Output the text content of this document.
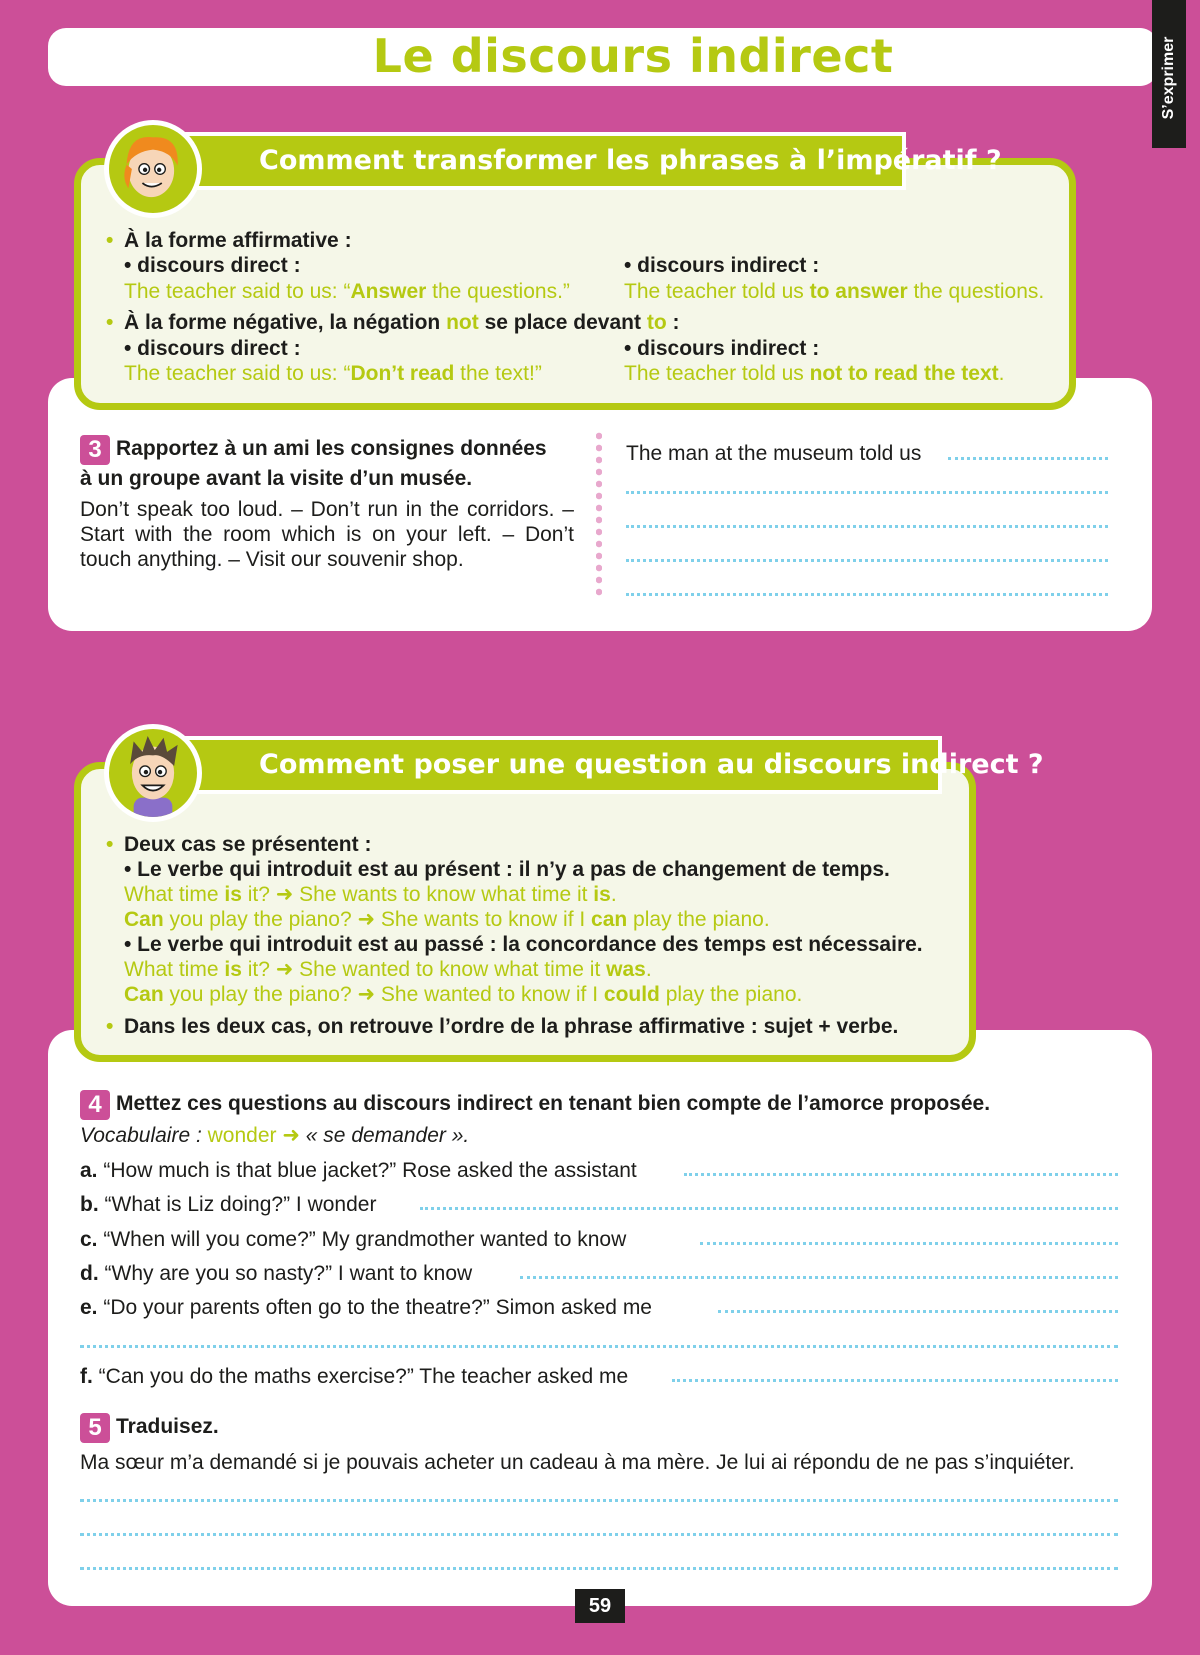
Le discours indirect	S’exprimer
Comment transformer les phrases à l’impératif ?
• À la forme affirmative :
• discours direct :
The teacher said to us: “Answer the questions.”
• discours indirect :
The teacher told us to answer the questions.
• À la forme négative, la négation not se place devant to :
• discours direct :
The teacher said to us: “Don’t read the text!”
• discours indirect :
The teacher told us not to read the text.
3 Rapportez à un ami les consignes données
à un groupe avant la visite d’un musée.
Don’t speak too loud. – Don’t run in the corridors. – Start with the room which is on your left. – Don’t touch anything. – Visit our souvenir shop.
The man at the museum told us
Comment poser une question au discours indirect ?
• Deux cas se présentent :
• Le verbe qui introduit est au présent : il n’y a pas de changement de temps.
What time is it? ➜ She wants to know what time it is.
Can you play the piano? ➜ She wants to know if I can play the piano.
• Le verbe qui introduit est au passé : la concordance des temps est nécessaire.
What time is it? ➜ She wanted to know what time it was.
Can you play the piano? ➜ She wanted to know if I could play the piano.
• Dans les deux cas, on retrouve l’ordre de la phrase affirmative : sujet + verbe.
4 Mettez ces questions au discours indirect en tenant bien compte de l’amorce proposée.
Vocabulaire : wonder ➜ « se demander ».
a. “How much is that blue jacket?” Rose asked the assistant
b. “What is Liz doing?” I wonder
c. “When will you come?” My grandmother wanted to know
d. “Why are you so nasty?” I want to know
e. “Do your parents often go to the theatre?” Simon asked me
f. “Can you do the maths exercise?” The teacher asked me
5 Traduisez.
Ma sœur m’a demandé si je pouvais acheter un cadeau à ma mère. Je lui ai répondu de ne pas s’inquiéter.
59
